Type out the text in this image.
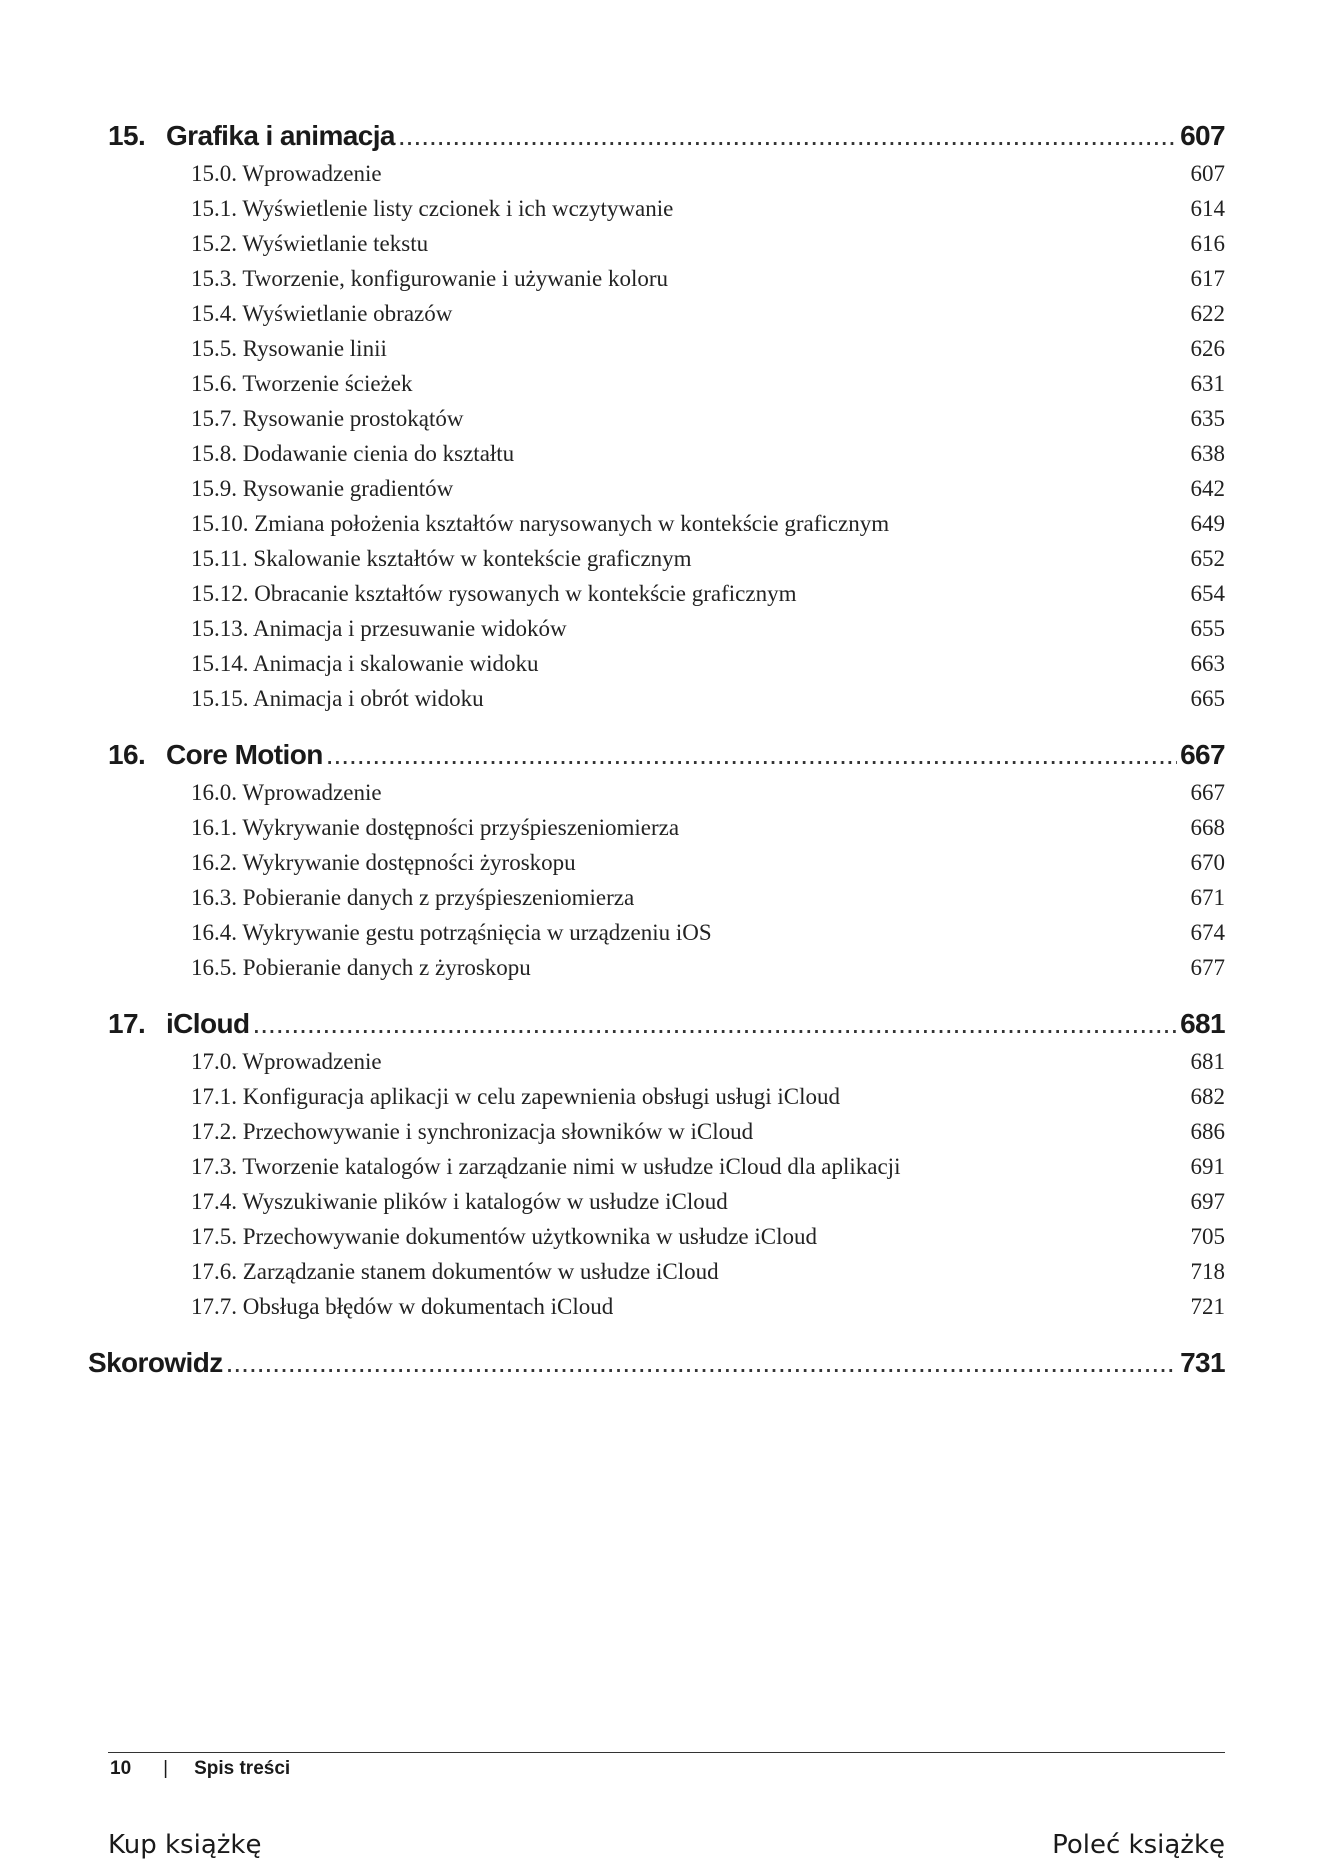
15. Grafika i animacja .....	607
15.0. Wprowadzenie	607
15.1. Wyświetlenie listy czcionek i ich wczytywanie	614
15.2. Wyświetlanie tekstu	616
15.3. Tworzenie, konfigurowanie i używanie koloru	617
15.4. Wyświetlanie obrazów	622
15.5. Rysowanie linii	626
15.6. Tworzenie ścieżek	631
15.7. Rysowanie prostokątów	635
15.8. Dodawanie cienia do kształtu	638
15.9. Rysowanie gradientów	642
15.10. Zmiana położenia kształtów narysowanych w kontekście graficznym	649
15.11. Skalowanie kształtów w kontekście graficznym	652
15.12. Obracanie kształtów rysowanych w kontekście graficznym	654
15.13. Animacja i przesuwanie widoków	655
15.14. Animacja i skalowanie widoku	663
15.15. Animacja i obrót widoku	665
16. Core Motion .....	667
16.0. Wprowadzenie	667
16.1. Wykrywanie dostępności przyśpieszeniomierza	668
16.2. Wykrywanie dostępności żyroskopu	670
16.3. Pobieranie danych z przyśpieszeniomierza	671
16.4. Wykrywanie gestu potrząśnięcia w urządzeniu iOS	674
16.5. Pobieranie danych z żyroskopu	677
17. iCloud .....	681
17.0. Wprowadzenie	681
17.1. Konfiguracja aplikacji w celu zapewnienia obsługi usługi iCloud	682
17.2. Przechowywanie i synchronizacja słowników w iCloud	686
17.3. Tworzenie katalogów i zarządzanie nimi w usłudze iCloud dla aplikacji	691
17.4. Wyszukiwanie plików i katalogów w usłudze iCloud	697
17.5. Przechowywanie dokumentów użytkownika w usłudze iCloud	705
17.6. Zarządzanie stanem dokumentów w usłudze iCloud	718
17.7. Obsługa błędów w dokumentach iCloud	721
Skorowidz .....	731
10 | Spis treści
Kup książkę	Poleć książkę
